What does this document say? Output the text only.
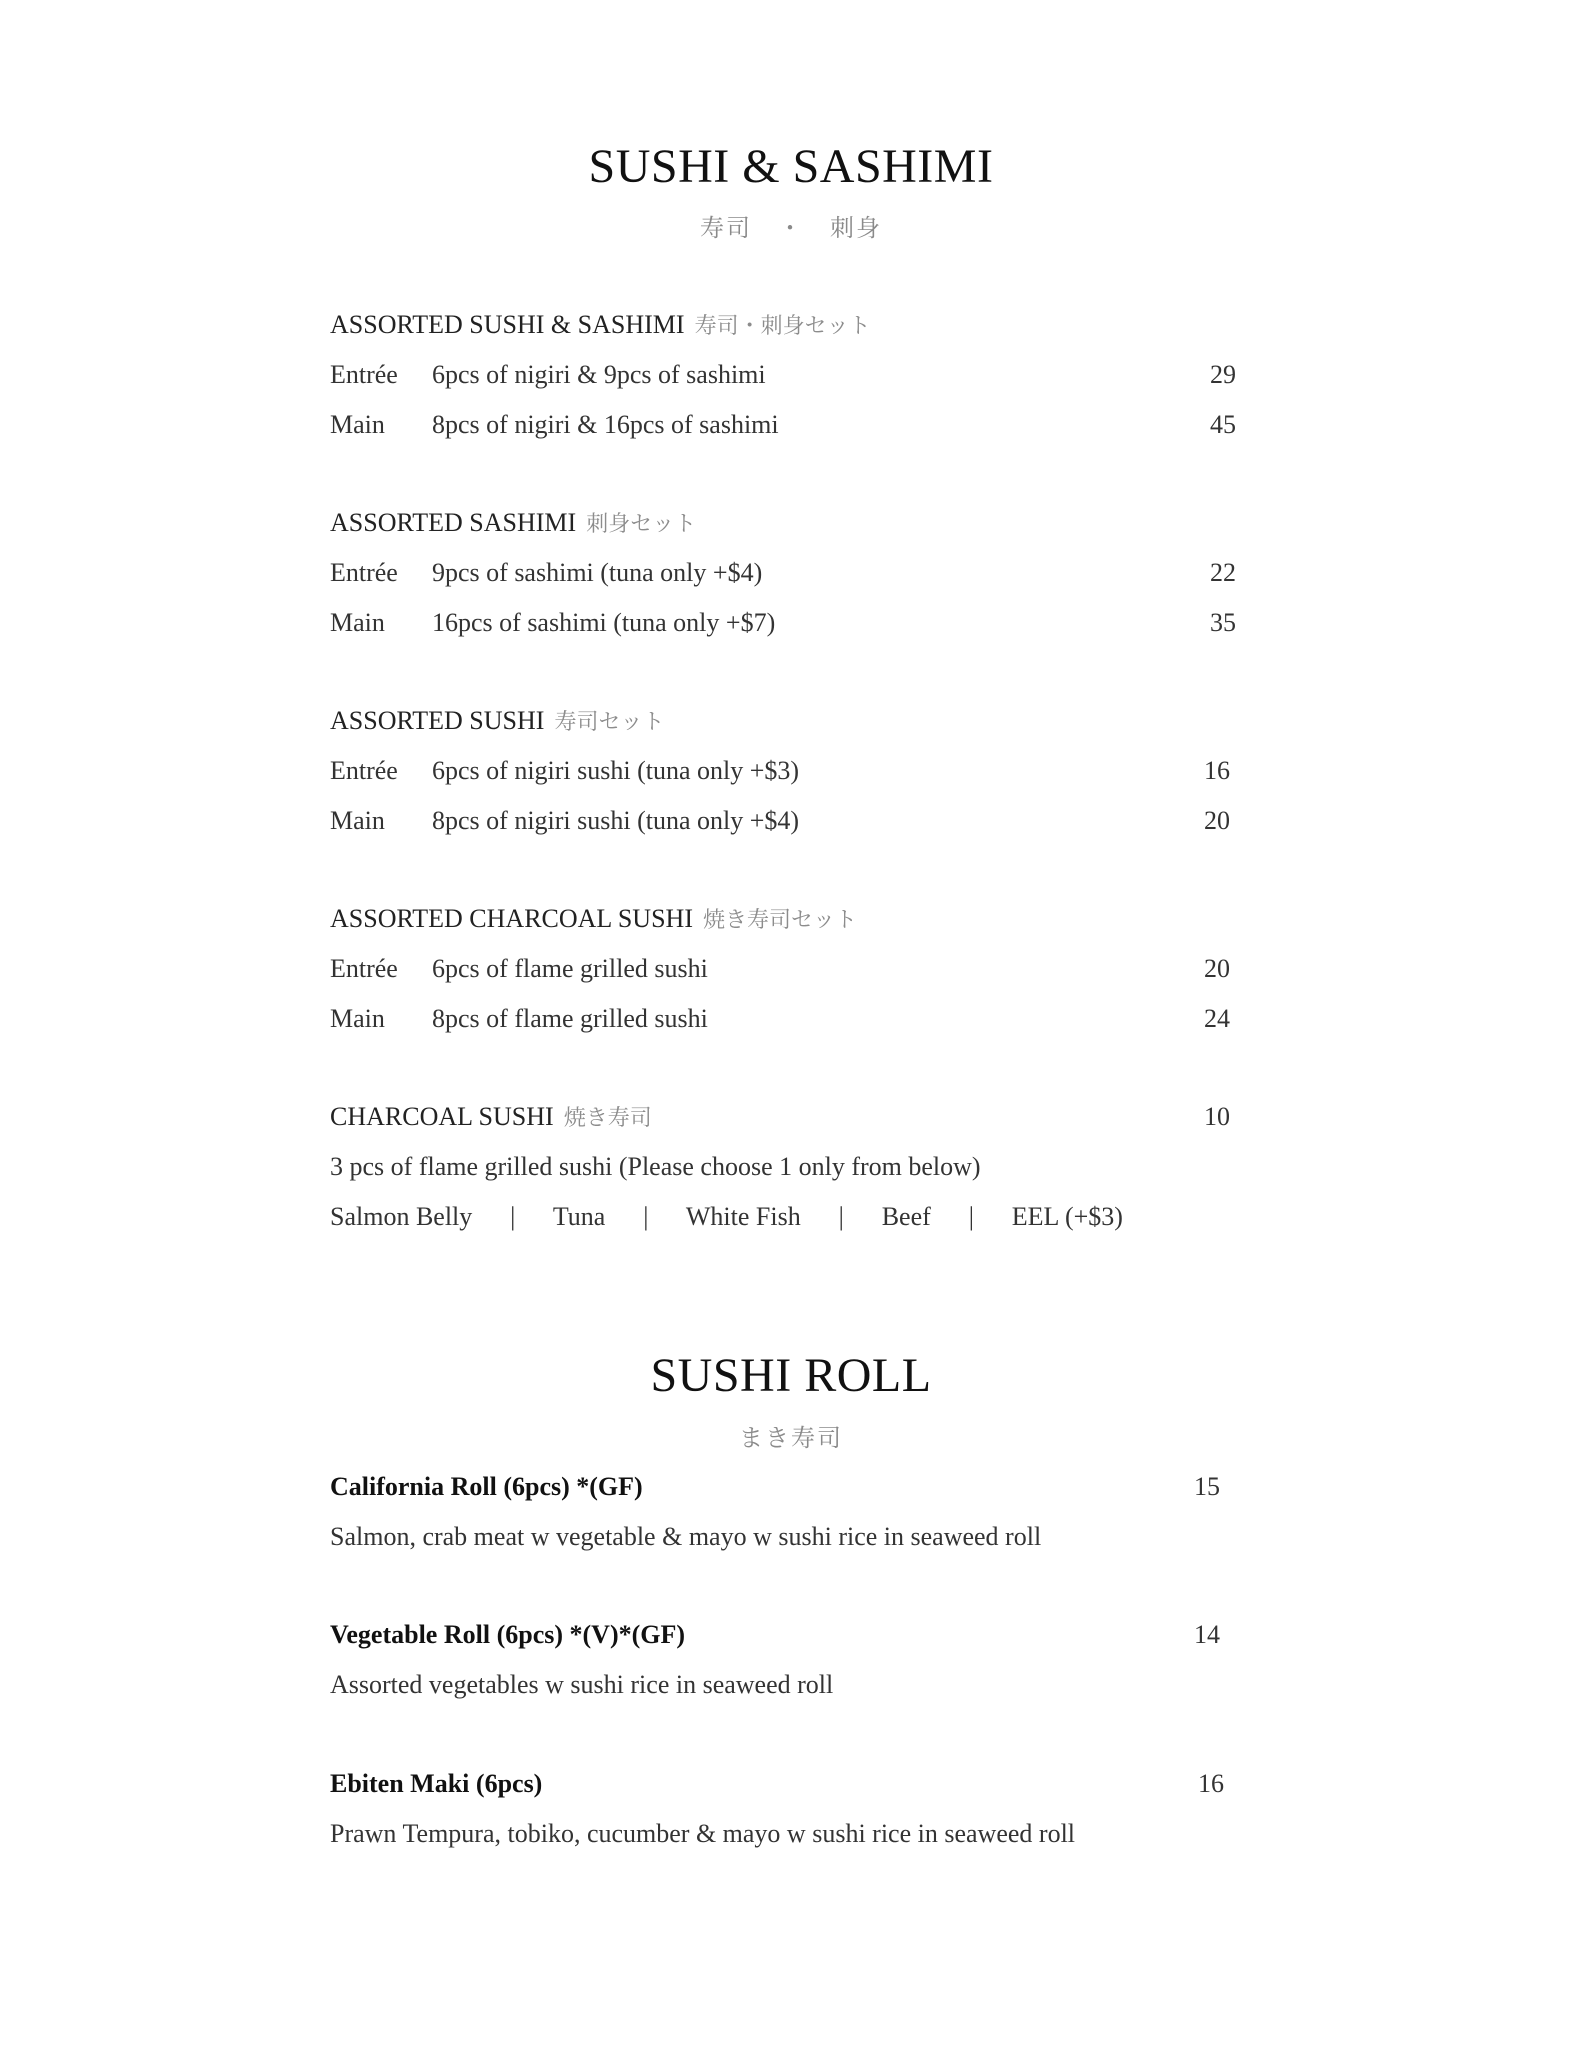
SUSHI & SASHIMI
寿司　・　刺身
ASSORTED SUSHI & SASHIMI 寿司・刺身セット
Entrée 6pcs of nigiri & 9pcs of sashimi	29
Main 8pcs of nigiri & 16pcs of sashimi	45
ASSORTED SASHIMI 刺身セット
Entrée 9pcs of sashimi (tuna only +$4)	22
Main 16pcs of sashimi (tuna only +$7)	35
ASSORTED SUSHI 寿司セット
Entrée 6pcs of nigiri sushi (tuna only +$3)	16
Main 8pcs of nigiri sushi (tuna only +$4)	20
ASSORTED CHARCOAL SUSHI 焼き寿司セット
Entrée 6pcs of flame grilled sushi	20
Main 8pcs of flame grilled sushi	24
CHARCOAL SUSHI 焼き寿司	10
3 pcs of flame grilled sushi (Please choose 1 only from below)
Salmon Belly | Tuna | White Fish | Beef | EEL (+$3)
SUSHI ROLL
まき寿司
California Roll (6pcs) *(GF)	15
Salmon, crab meat w vegetable & mayo w sushi rice in seaweed roll
Vegetable Roll (6pcs) *(V)*(GF)	14
Assorted vegetables w sushi rice in seaweed roll
Ebiten Maki (6pcs)	16
Prawn Tempura, tobiko, cucumber & mayo w sushi rice in seaweed roll
